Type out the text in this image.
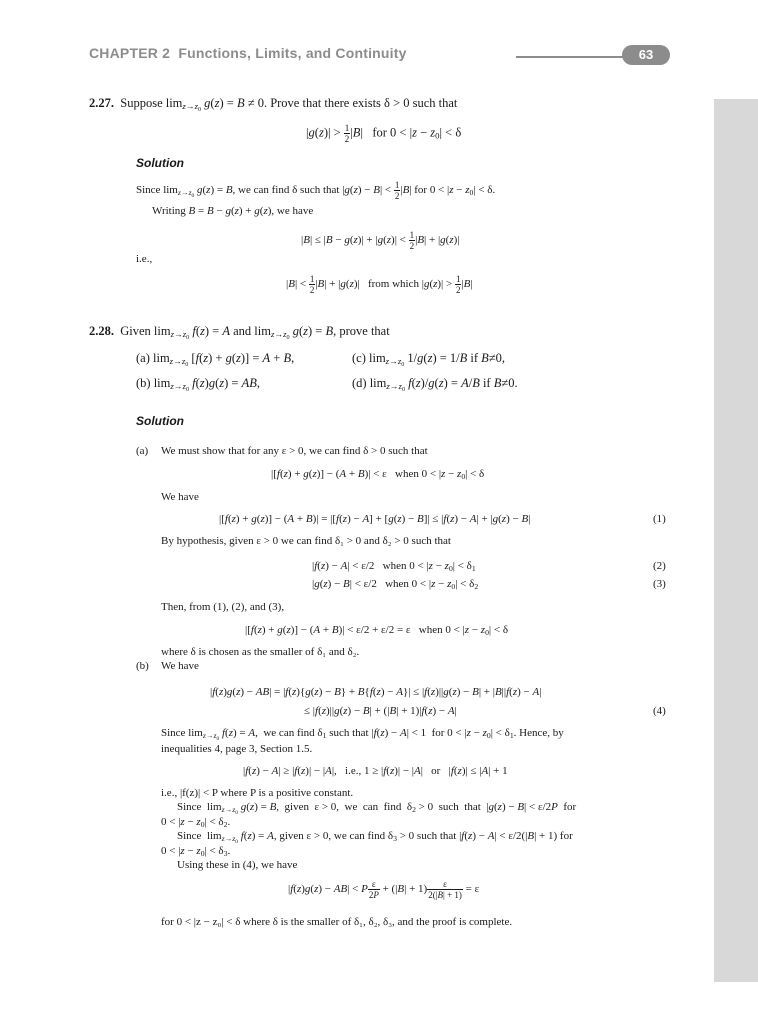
CHAPTER 2 Functions, Limits, and Continuity	63
2.27. Suppose $\lim_{z\to z_0} g(z) = B \ne 0$. Prove that there exists δ > 0 such that
$|g(z)| > \frac{1}{2} |B|$   for $0 < |z - z_0| < \delta$
Solution
Since $\lim_{z\to z_0} g(z) = B$, we can find δ such that $|g(z) - B| < \frac{1}{2} |B|$ for $0 < |z - z_0| < \delta$.
Writing B = B − g(z) + g(z), we have
$|B| \le |B - g(z)| + |g(z)| < \frac{1}{2} |B| + |g(z)|$
i.e.,
$|B| < \frac{1}{2} |B| + |g(z)|$   from which $|g(z)| > \frac{1}{2} |B|$
2.28.  Given $\lim_{z\to z_0} f(z) = A$ and $\lim_{z\to z_0} g(z) = B$, prove that
(a) $\lim_{z\to z_0} [f(z) + g(z)] = A + B$,	(c) $\lim_{z\to z_0} 1/g(z) = 1/B$ if B≠0,
(b) $\lim_{z\to z_0} f(z)g(z)$ = AB,	(d) $\lim_{z\to z_0} f(z)/g(z) = A/B$ if B≠0.
Solution
(a) We must show that for any ε > 0, we can find δ > 0 such that
|[f(z) + g(z)] − (A + B)| < ε   when $0 < |z - z_0| < \delta$
We have
|[f(z) + g(z)] − (A + B)| = |[f(z) − A] + [g(z) − B]| ≤ |f(z) − A| + |g(z) − B|	(1)
By hypothesis, given ε > 0 we can find δ₁ > 0 and δ₂ > 0 such that
|f(z) − A| < ε/2   when $0 < |z - z_0| < \delta_1$	(2)
|g(z) − B| < ε/2   when $0 < |z - z_0| < \delta_2$	(3)
Then, from (1), (2), and (3),
|[f(z) + g(z)] − (A + B)| < ε/2 + ε/2 = ε   when $0 < |z - z_0| < \delta$
where δ is chosen as the smaller of δ₁ and δ₂.
(b) We have
|f(z)g(z) − AB| = |f(z){g(z) − B} + B{f(z) − A}| ≤ |f(z)||g(z) − B| + |B||f(z) − A|
≤ |f(z)||g(z) − B| + (|B| + 1)|f(z) − A|	(4)
Since $\lim_{z\to z_0} f(z) = A$,  we can find $\delta_1$ such that |f(z) − A| < 1  for $0 < |z - z_0| < \delta_1$. Hence, by
inequalities 4, page 3, Section 1.5.
|f(z) − A| ≥ |f(z)| − |A|,   i.e., 1 ≥ |f(z)| − |A|   or   |f(z)| ≤ |A| + 1
i.e., |f(z)| < P where P is a positive constant.
Since  $\lim_{z\to z_0} g(z) = B$,  given  ε > 0,  we  can  find  $\delta_2 > 0$  such  that  |g(z) − B| < ε/2P  for
$0 < |z - z_0| < \delta_2$.
Since  $\lim_{z\to z_0} f(z) = A$, given ε > 0, we can find $\delta_3 > 0$ such that |f(z) − A| < ε/2(|B| + 1) for
$0 < |z - z_0| < \delta_3$.
Using these in (4), we have
|f(z)g(z) − AB| < P $\frac{\varepsilon}{2P} + (|B| + 1) \frac{\varepsilon}{2(|B| + 1)} = \varepsilon$
for 0 < |z − z₀| < δ where δ is the smaller of δ₁, δ₂, δ₃, and the proof is complete.
